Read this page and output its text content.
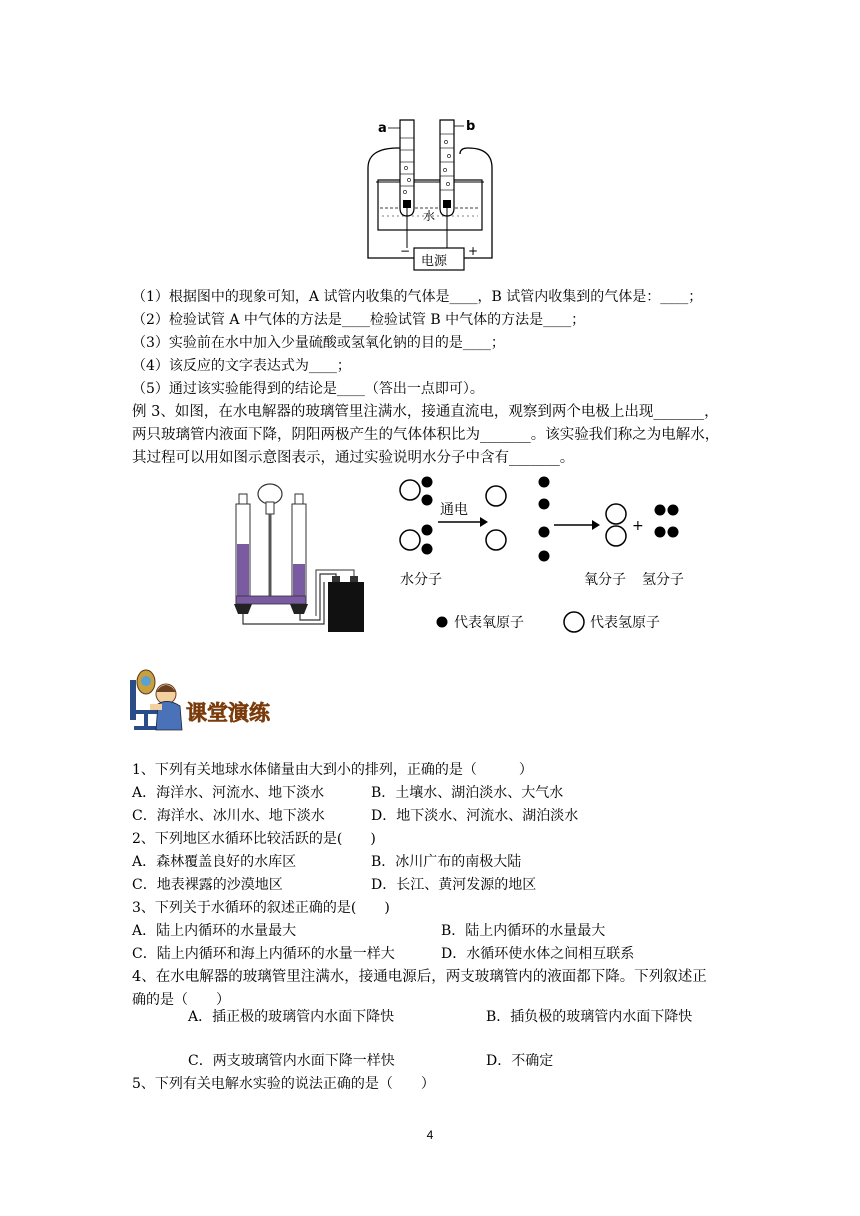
a	b
水
−	+
电源
（1）根据图中的现象可知，A 试管内收集的气体是____，B 试管内收集到的气体是：____；
（2）检验试管 A 中气体的方法是____检验试管 B 中气体的方法是____；
（3）实验前在水中加入少量硫酸或氢氧化钠的目的是____；
（4）该反应的文字表达式为____；
（5）通过该实验能得到的结论是____（答出一点即可）。
例 3、如图，在水电解器的玻璃管里注满水，接通直流电，观察到两个电极上出现_______，
两只玻璃管内液面下降，阴阳两极产生的气体体积比为_______。该实验我们称之为电解水，
其过程可以用如图示意图表示，通过实验说明水分子中含有_______。
通电
+
水分子	氧分子 氢分子
代表氧原子	代表氢原子
课堂演练
1、下列有关地球水体储量由大到小的排列，正确的是（　　　）
A．海洋水、河流水、地下淡水	B．土壤水、湖泊淡水、大气水
C．海洋水、冰川水、地下淡水	D．地下淡水、河流水、湖泊淡水
2、下列地区水循环比较活跃的是(　　)
A．森林覆盖良好的水库区	B．冰川广布的南极大陆
C．地表裸露的沙漠地区	D．长江、黄河发源的地区
3、下列关于水循环的叙述正确的是(　　)
A．陆上内循环的水量最大	B．陆上内循环的水量最大
C．陆上内循环和海上内循环的水量一样大	D．水循环使水体之间相互联系
4、在水电解器的玻璃管里注满水，接通电源后，两支玻璃管内的液面都下降。下列叙述正
确的是（　　）
A．插正极的玻璃管内水面下降快	B．插负极的玻璃管内水面下降快
C．两支玻璃管内水面下降一样快	D．不确定
5、下列有关电解水实验的说法正确的是（　　）
4
